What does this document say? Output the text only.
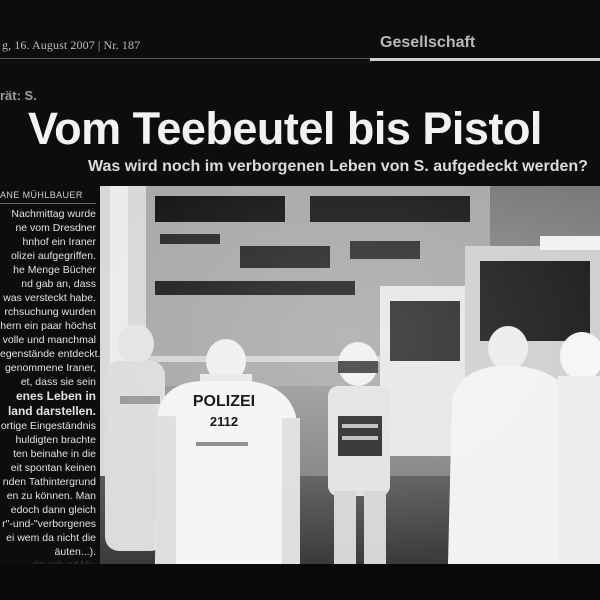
g, 16. August 2007 | Nr. 187	Gesellschaft
rät: S.
Vom Teebeutel bis Pistol
Was wird noch im verborgenen Leben von S. aufgedeckt werden?
ANE MÜHLBAUER
Nachmittag wurde
ne vom Dresdner
hnhof ein Iraner
olizei aufgegriffen.
he Menge Bücher
nd gab an, dass
was versteckt habe.
rchsuchung wurden
hern ein paar höchst
volle und manchmal
egenstände entdeckt.
genommene Iraner,
et, dass sie sein
enes Leben in
land darstellen.
ortige Eingeständnis
huldigten brachte
ten beinahe in die
eit spontan keinen
nden Tathintergrund
en zu können. Man
edoch dann gleich
r"-und-"verborgenes
ei wem da nicht die
äuten...).
POLIZEI
2112
